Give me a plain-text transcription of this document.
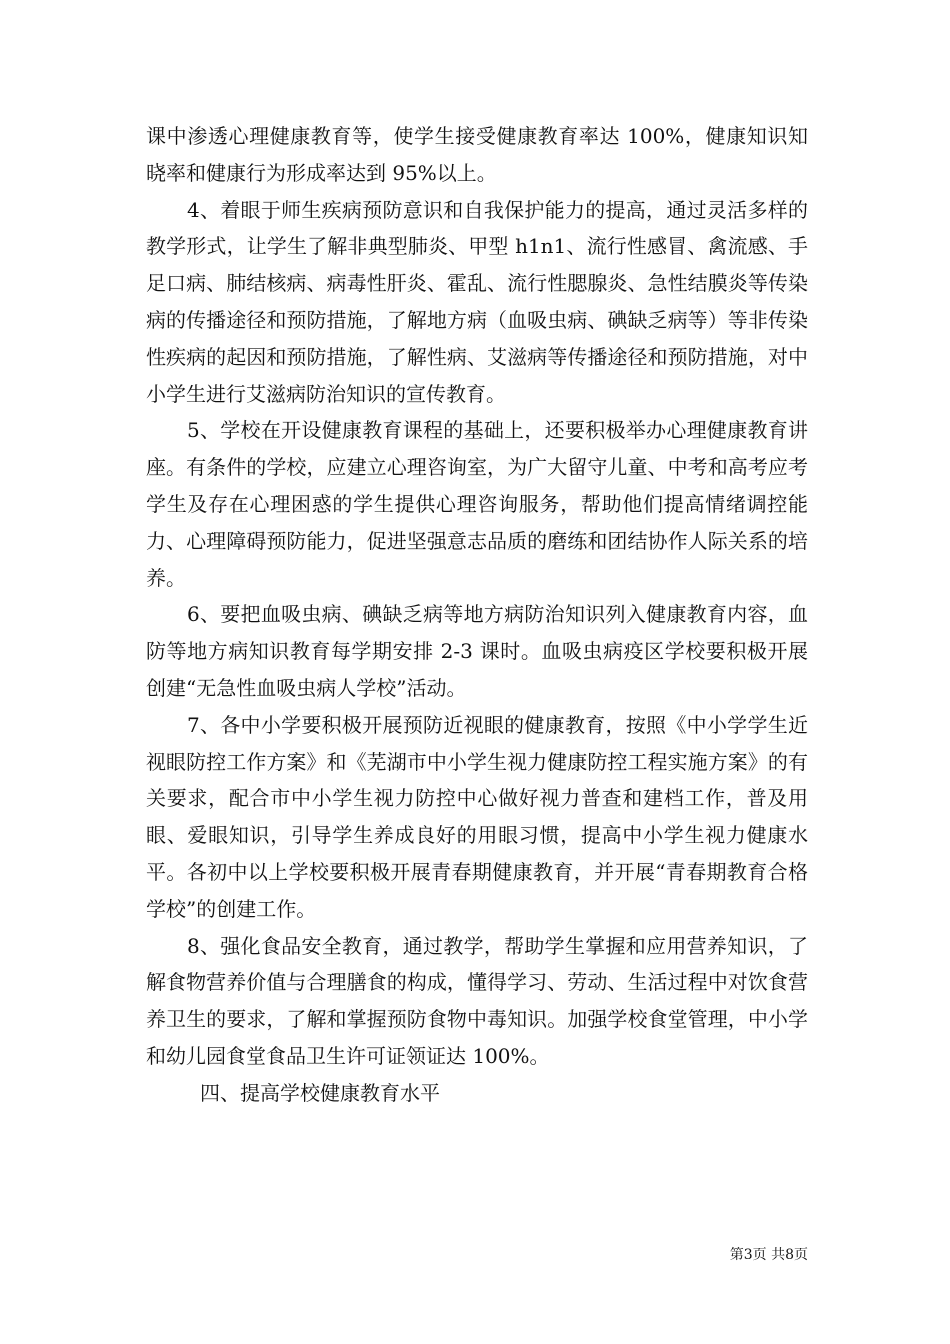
课中渗透心理健康教育等，使学生接受健康教育率达 100%，健康知识知晓率和健康行为形成率达到 95%以上。

4、着眼于师生疾病预防意识和自我保护能力的提高，通过灵活多样的教学形式，让学生了解非典型肺炎、甲型 h1n1、流行性感冒、禽流感、手足口病、肺结核病、病毒性肝炎、霍乱、流行性腮腺炎、急性结膜炎等传染病的传播途径和预防措施，了解地方病（血吸虫病、碘缺乏病等）等非传染性疾病的起因和预防措施，了解性病、艾滋病等传播途径和预防措施，对中小学生进行艾滋病防治知识的宣传教育。

5、学校在开设健康教育课程的基础上，还要积极举办心理健康教育讲座。有条件的学校，应建立心理咨询室，为广大留守儿童、中考和高考应考学生及存在心理困惑的学生提供心理咨询服务，帮助他们提高情绪调控能力、心理障碍预防能力，促进坚强意志品质的磨练和团结协作人际关系的培养。

6、要把血吸虫病、碘缺乏病等地方病防治知识列入健康教育内容，血防等地方病知识教育每学期安排 2-3 课时。血吸虫病疫区学校要积极开展创建“无急性血吸虫病人学校”活动。

7、各中小学要积极开展预防近视眼的健康教育，按照《中小学学生近视眼防控工作方案》和《芜湖市中小学生视力健康防控工程实施方案》的有关要求，配合市中小学生视力防控中心做好视力普查和建档工作，普及用眼、爱眼知识，引导学生养成良好的用眼习惯，提高中小学生视力健康水平。各初中以上学校要积极开展青春期健康教育，并开展“青春期教育合格学校”的创建工作。

8、强化食品安全教育，通过教学，帮助学生掌握和应用营养知识，了解食物营养价值与合理膳食的构成，懂得学习、劳动、生活过程中对饮食营养卫生的要求，了解和掌握预防食物中毒知识。加强学校食堂管理，中小学和幼儿园食堂食品卫生许可证领证达 100%。

四、提高学校健康教育水平

第3页 共8页
